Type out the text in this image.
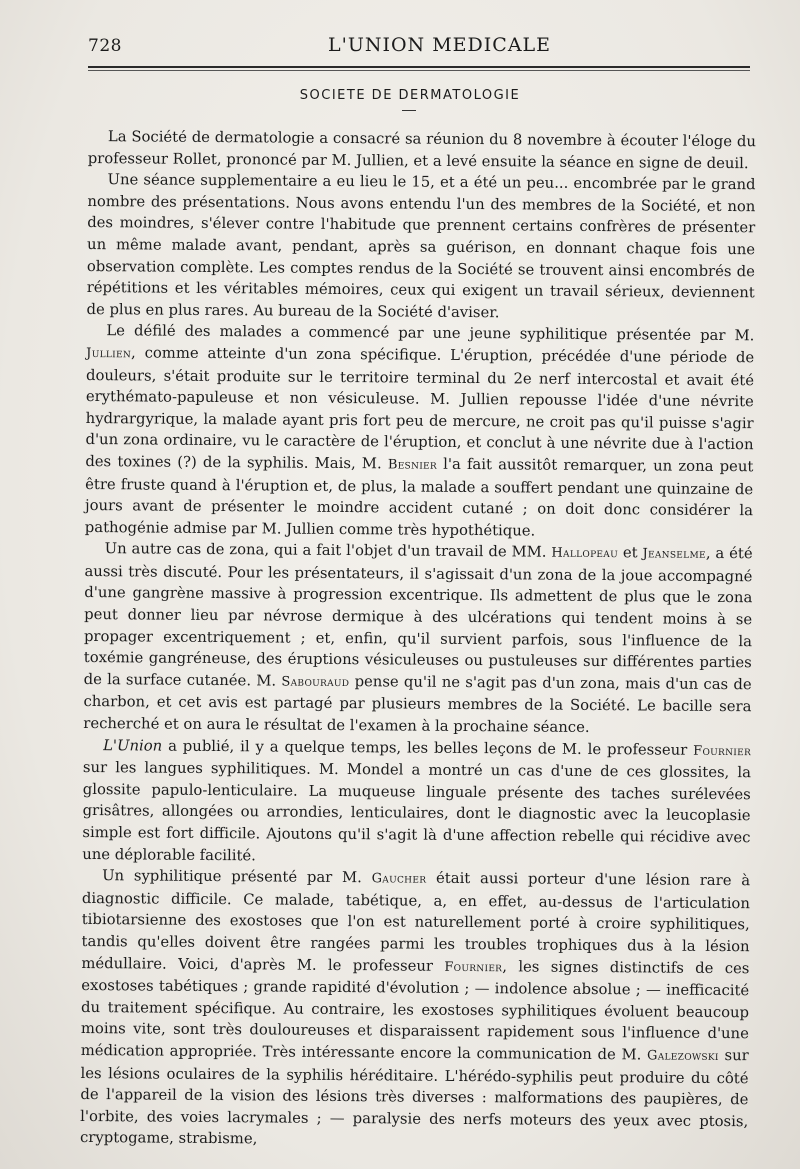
728	L'UNION MEDICALE
SOCIETE DE DERMATOLOGIE

La Société de dermatologie a consacré sa réunion du 8 novembre à écouter l'éloge du professeur Rollet, prononcé par M. Jullien, et a levé ensuite la séance en signe de deuil.

Une séance supplementaire a eu lieu le 15, et a été un peu... encombrée par le grand nombre des présentations. Nous avons entendu l'un des membres de la Société, et non des moindres, s'élever contre l'habitude que prennent certains confrères de présenter un même malade avant, pendant, après sa guérison, en donnant chaque fois une observation complète. Les comptes rendus de la Société se trouvent ainsi encombrés de répétitions et les véritables mémoires, ceux qui exigent un travail sérieux, deviennent de plus en plus rares. Au bureau de la Société d'aviser.

Le défilé des malades a commencé par une jeune syphilitique présentée par M. Jullien, comme atteinte d'un zona spécifique. L'éruption, précédée d'une période de douleurs, s'était produite sur le territoire terminal du 2e nerf intercostal et avait été erythémato-papuleuse et non vésiculeuse. M. Jullien repousse l'idée d'une névrite hydrargyrique, la malade ayant pris fort peu de mercure, ne croit pas qu'il puisse s'agir d'un zona ordinaire, vu le caractère de l'éruption, et conclut à une névrite due à l'action des toxines (?) de la syphilis. Mais, M. Besnier l'a fait aussitôt remarquer, un zona peut être fruste quand à l'éruption et, de plus, la malade a souffert pendant une quinzaine de jours avant de présenter le moindre accident cutané ; on doit donc considérer la pathogénie admise par M. Jullien comme très hypothétique.

Un autre cas de zona, qui a fait l'objet d'un travail de MM. Hallopeau et Jeanselme, a été aussi très discuté. Pour les présentateurs, il s'agissait d'un zona de la joue accompagné d'une gangrène massive à progression excentrique. Ils admettent de plus que le zona peut donner lieu par névrose dermique à des ulcérations qui tendent moins à se propager excentriquement ; et, enfin, qu'il survient parfois, sous l'influence de la toxémie gangréneuse, des éruptions vésiculeuses ou pustuleuses sur différentes parties de la surface cutanée. M. Sabouraud pense qu'il ne s'agit pas d'un zona, mais d'un cas de charbon, et cet avis est partagé par plusieurs membres de la Société. Le bacille sera recherché et on aura le résultat de l'examen à la prochaine séance.

L'Union a publié, il y a quelque temps, les belles leçons de M. le professeur Fournier sur les langues syphilitiques. M. Mondel a montré un cas d'une de ces glossites, la glossite papulo-lenticulaire. La muqueuse linguale présente des taches surélevées grisâtres, allongées ou arrondies, lenticulaires, dont le diagnostic avec la leucoplasie simple est fort difficile. Ajoutons qu'il s'agit là d'une affection rebelle qui récidive avec une déplorable facilité.

Un syphilitique présenté par M. Gaucher était aussi porteur d'une lésion rare à diagnostic difficile. Ce malade, tabétique, a, en effet, au-dessus de l'articulation tibiotarsienne des exostoses que l'on est naturellement porté à croire syphilitiques, tandis qu'elles doivent être rangées parmi les troubles trophiques dus à la lésion médullaire. Voici, d'après M. le professeur Fournier, les signes distinctifs de ces exostoses tabétiques ; grande rapidité d'évolution ; — indolence absolue ; — inefficacité du traitement spécifique. Au contraire, les exostoses syphilitiques évoluent beaucoup moins vite, sont très douloureuses et disparaissent rapidement sous l'influence d'une médication appropriée. Très intéressante encore la communication de M. Galezowski sur les lésions oculaires de la syphilis héréditaire. L'hérédo-syphilis peut produire du côté de l'appareil de la vision des lésions très diverses : malformations des paupières, de l'orbite, des voies lacrymales ; — paralysie des nerfs moteurs des yeux avec ptosis, cryptogame, strabisme,
